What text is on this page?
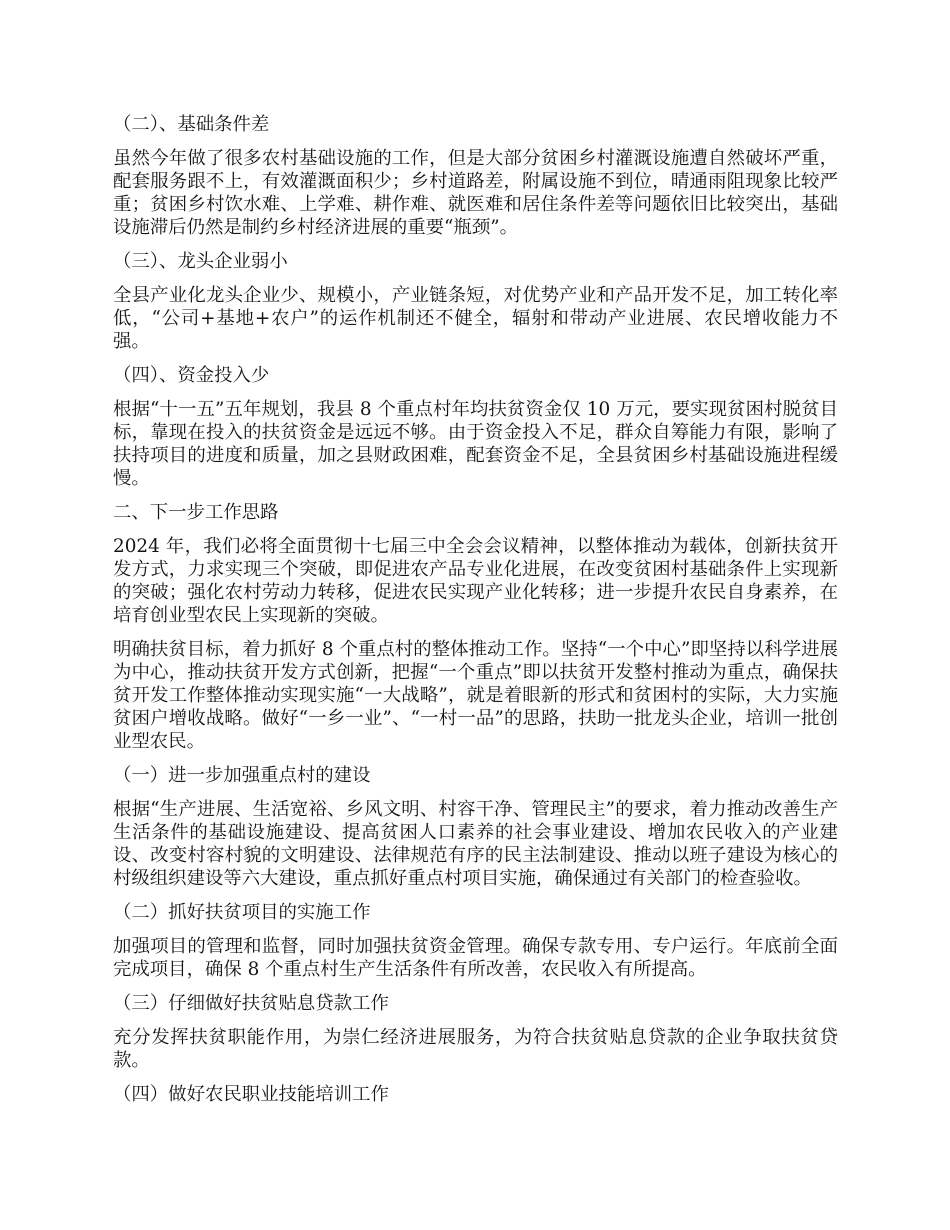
（二）、基础条件差

虽然今年做了很多农村基础设施的工作，但是大部分贫困乡村灌溉设施遭自然破坏严重，配套服务跟不上，有效灌溉面积少；乡村道路差，附属设施不到位，晴通雨阻现象比较严重；贫困乡村饮水难、上学难、耕作难、就医难和居住条件差等问题依旧比较突出，基础设施滞后仍然是制约乡村经济进展的重要“瓶颈”。

（三）、龙头企业弱小

全县产业化龙头企业少、规模小，产业链条短，对优势产业和产品开发不足，加工转化率低，“公司+基地+农户”的运作机制还不健全，辐射和带动产业进展、农民增收能力不强。

（四）、资金投入少

根据“十一五”五年规划，我县 8 个重点村年均扶贫资金仅 10 万元，要实现贫困村脱贫目标，靠现在投入的扶贫资金是远远不够。由于资金投入不足，群众自筹能力有限，影响了扶持项目的进度和质量，加之县财政困难，配套资金不足，全县贫困乡村基础设施进程缓慢。

二、下一步工作思路

2024 年，我们必将全面贯彻十七届三中全会会议精神，以整体推动为载体，创新扶贫开发方式，力求实现三个突破，即促进农产品专业化进展，在改变贫困村基础条件上实现新的突破；强化农村劳动力转移，促进农民实现产业化转移；进一步提升农民自身素养，在培育创业型农民上实现新的突破。

明确扶贫目标，着力抓好 8 个重点村的整体推动工作。坚持“一个中心”即坚持以科学进展为中心，推动扶贫开发方式创新，把握“一个重点”即以扶贫开发整村推动为重点，确保扶贫开发工作整体推动实现实施“一大战略”，就是着眼新的形式和贫困村的实际，大力实施贫困户增收战略。做好“一乡一业”、“一村一品”的思路，扶助一批龙头企业，培训一批创业型农民。

（一）进一步加强重点村的建设

根据“生产进展、生活宽裕、乡风文明、村容干净、管理民主”的要求，着力推动改善生产生活条件的基础设施建设、提高贫困人口素养的社会事业建设、增加农民收入的产业建设、改变村容村貌的文明建设、法律规范有序的民主法制建设、推动以班子建设为核心的村级组织建设等六大建设，重点抓好重点村项目实施，确保通过有关部门的检查验收。

（二）抓好扶贫项目的实施工作

加强项目的管理和监督，同时加强扶贫资金管理。确保专款专用、专户运行。年底前全面完成项目，确保 8 个重点村生产生活条件有所改善，农民收入有所提高。

（三）仔细做好扶贫贴息贷款工作

充分发挥扶贫职能作用，为崇仁经济进展服务，为符合扶贫贴息贷款的企业争取扶贫贷款。

（四）做好农民职业技能培训工作
